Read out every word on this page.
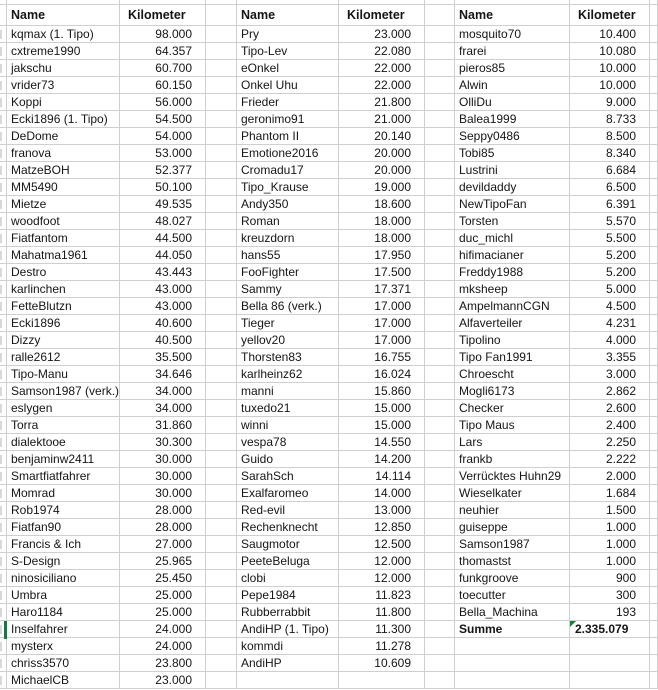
Name
kqmax (1. Tipo)
cxtreme1990
jakschu
vrider73
Koppi
Ecki1896 (1. Tipo)
DeDome
franova
MatzeBOH
MM5490
Mietze
woodfoot
Fiatfantom
Mahatma1961
Destro
karlinchen
FetteBlutzn
Ecki1896
Dizzy
ralle2612
Tipo-Manu
Samson1987 (verk.)
eslygen
Torra
dialektooe
benjaminw2411
Smartfiatfahrer
Momrad
Rob1974
Fiatfan90
Francis & Ich
S-Design
ninosiciliano
Umbra
Haro1184
Inselfahrer
mysterx
chriss3570
MichaelCB
Kilometer
98.000
64.357
60.700
60.150
56.000
54.500
54.000
53.000
52.377
50.100
49.535
48.027
44.500
44.050
43.443
43.000
43.000
40.600
40.500
35.500
34.646
34.000
34.000
31.860
30.300
30.000
30.000
30.000
28.000
28.000
27.000
25.965
25.450
25.000
25.000
24.000
24.000
23.800
23.000
Name
Pry
Tipo-Lev
eOnkel
Onkel Uhu
Frieder
geronimo91
Phantom II
Emotione2016
Cromadu17
Tipo_Krause
Andy350
Roman
kreuzdorn
hans55
FooFighter
Sammy
Bella 86 (verk.)
Tieger
yellov20
Thorsten83
karlheinz62
manni
tuxedo21
winni
vespa78
Guido
SarahSch
Exalfaromeo
Red-evil
Rechenknecht
Saugmotor
PeeteBeluga
clobi
Pepe1984
Rubberrabbit
AndiHP (1. Tipo)
kommdi
AndiHP
Kilometer
23.000
22.080
22.000
22.000
21.800
21.000
20.140
20.000
20.000
19.000
18.600
18.000
18.000
17.950
17.500
17.371
17.000
17.000
17.000
16.755
16.024
15.860
15.000
15.000
14.550
14.200
14.114
14.000
13.000
12.850
12.500
12.000
12.000
11.823
11.800
11.300
11.278
10.609
Name
mosquito70
frarei
pieros85
Alwin
OlliDu
Balea1999
Seppy0486
Tobi85
Lustrini
devildaddy
NewTipoFan
Torsten
duc_michl
hifimacianer
Freddy1988
mksheep
AmpelmannCGN
Alfaverteiler
Tipolino
Tipo Fan1991
Chroescht
Mogli6173
Checker
Tipo Maus
Lars
frankb
Verrücktes Huhn29
Wieselkater
neuhier
guiseppe
Samson1987
thomastst
funkgroove
toecutter
Bella_Machina
Summe
Kilometer
10.400
10.080
10.000
10.000
9.000
8.733
8.500
8.340
6.684
6.500
6.391
5.570
5.500
5.200
5.200
5.000
4.500
4.231
4.000
3.355
3.000
2.862
2.600
2.400
2.250
2.222
2.000
1.684
1.500
1.000
1.000
1.000
900
300
193
2.335.079
